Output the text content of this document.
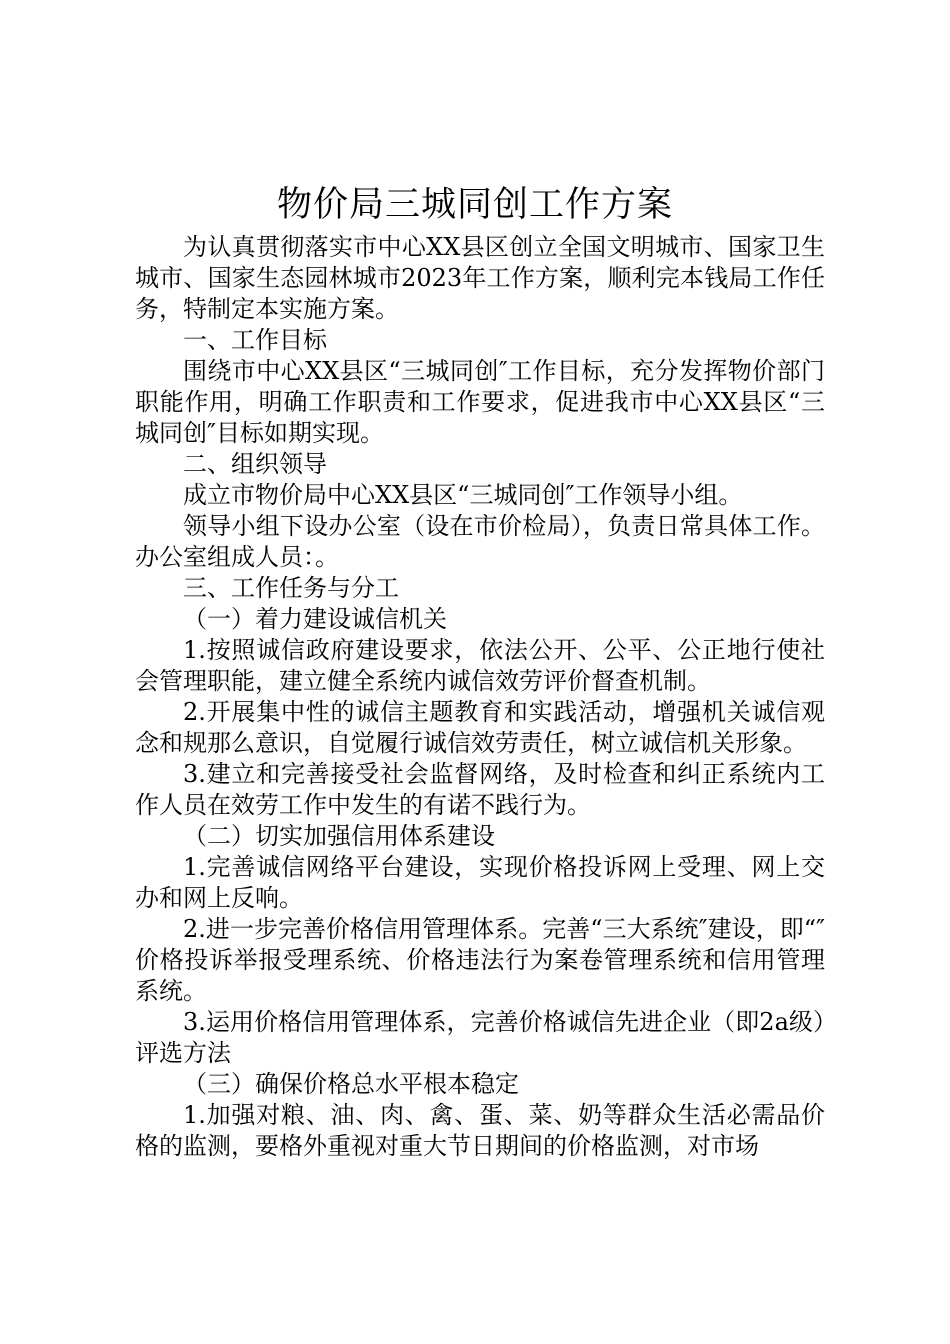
物价局三城同创工作方案

为认真贯彻落实市中心XX县区创立全国文明城市、国家卫生城市、国家生态园林城市2023年工作方案，顺利完本钱局工作任务，特制定本实施方案。

一、工作目标

围绕市中心XX县区“三城同创″工作目标，充分发挥物价部门职能作用，明确工作职责和工作要求，促进我市中心XX县区“三城同创″目标如期实现。

二、组织领导

成立市物价局中心XX县区“三城同创″工作领导小组。

领导小组下设办公室（设在市价检局），负责日常具体工作。办公室组成人员：。

三、工作任务与分工

（一）着力建设诚信机关

1.按照诚信政府建设要求，依法公开、公平、公正地行使社会管理职能，建立健全系统内诚信效劳评价督查机制。

2.开展集中性的诚信主题教育和实践活动，增强机关诚信观念和规那么意识，自觉履行诚信效劳责任，树立诚信机关形象。

3.建立和完善接受社会监督网络，及时检查和纠正系统内工作人员在效劳工作中发生的有诺不践行为。

（二）切实加强信用体系建设

1.完善诚信网络平台建设，实现价格投诉网上受理、网上交办和网上反响。

2.进一步完善价格信用管理体系。完善“三大系统″建设，即“″价格投诉举报受理系统、价格违法行为案卷管理系统和信用管理系统。

3.运用价格信用管理体系，完善价格诚信先进企业（即2a级）评选方法

（三）确保价格总水平根本稳定

1.加强对粮、油、肉、禽、蛋、菜、奶等群众生活必需品价格的监测，要格外重视对重大节日期间的价格监测，对市场
